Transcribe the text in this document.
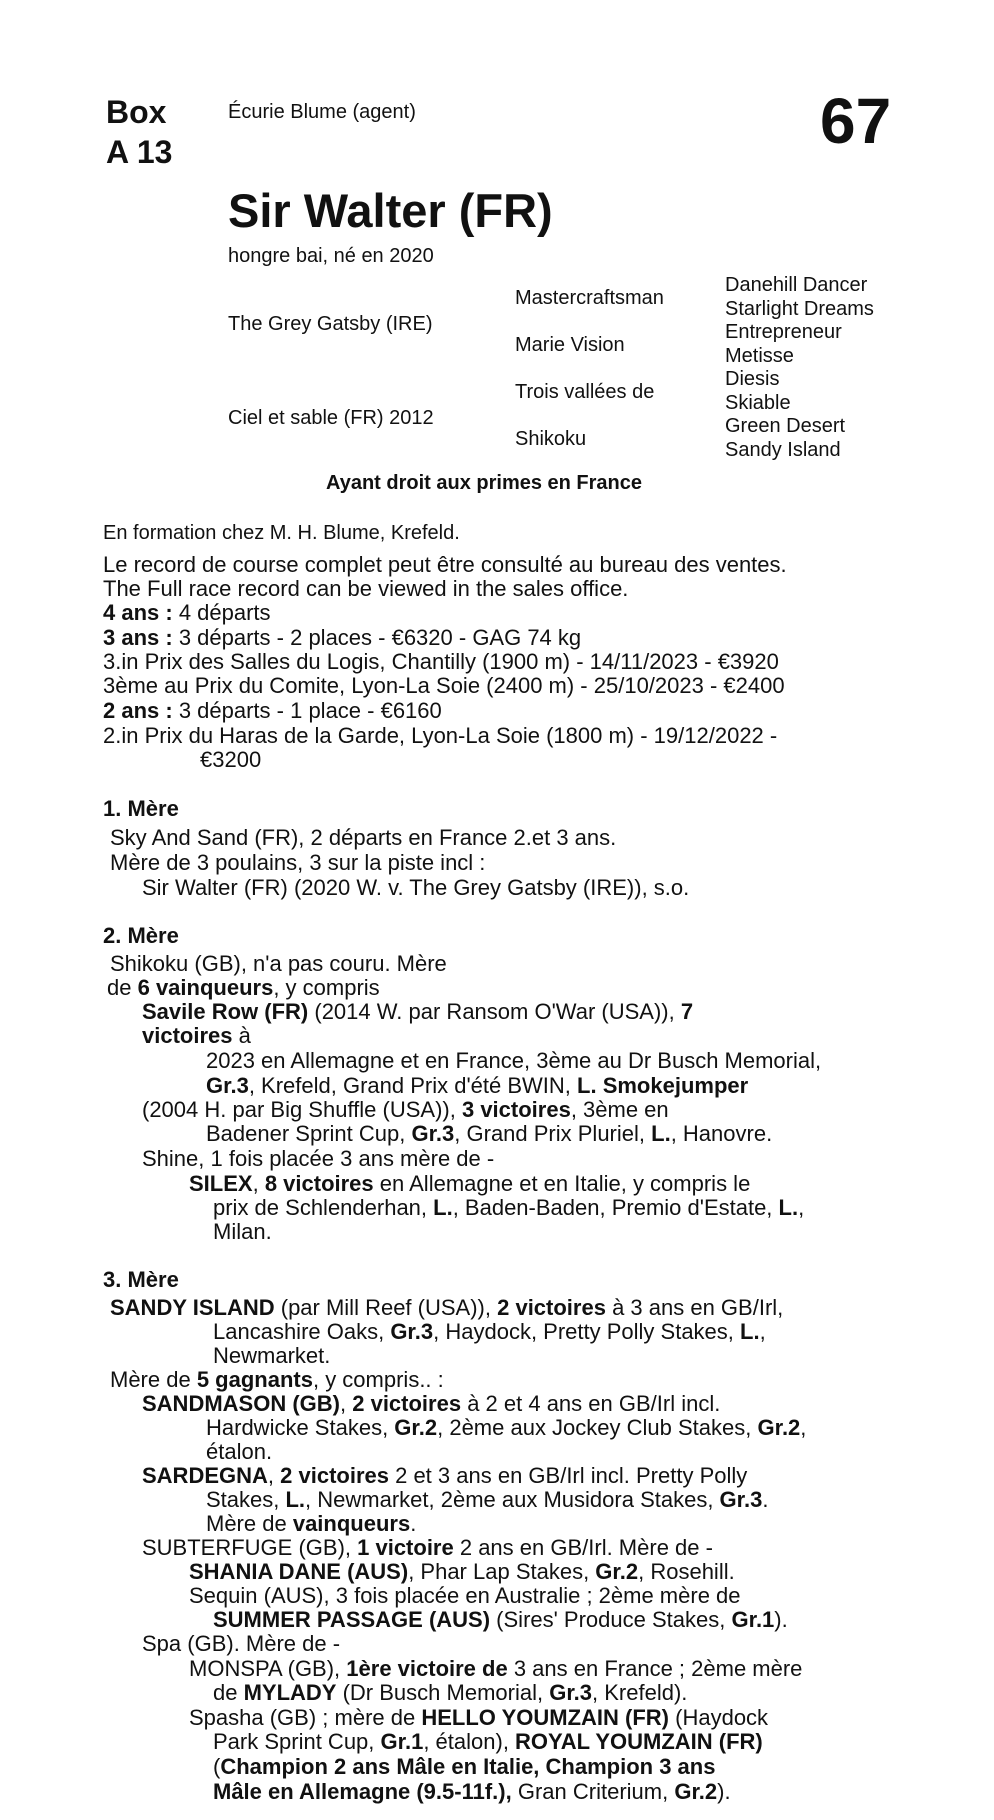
Box
A 13
Écurie Blume (agent)	67
Sir Walter (FR)
hongre bai, né en 2020
The Grey Gatsby (IRE)
Ciel et sable (FR) 2012
Mastercraftsman
Marie Vision
Trois vallées de
Shikoku
Danehill Dancer
Starlight Dreams
Entrepreneur
Metisse
Diesis
Skiable
Green Desert
Sandy Island
Ayant droit aux primes en France
En formation chez M. H. Blume, Krefeld.
Le record de course complet peut être consulté au bureau des ventes.
The Full race record can be viewed in the sales office.
4 ans : 4 départs
3 ans : 3 départs - 2 places - €6320 - GAG 74 kg
3.in Prix des Salles du Logis, Chantilly (1900 m) - 14/11/2023 - €3920
3ème au Prix du Comite, Lyon-La Soie (2400 m) - 25/10/2023 - €2400
2 ans : 3 départs - 1 place - €6160
2.in Prix du Haras de la Garde, Lyon-La Soie (1800 m) - 19/12/2022 -
€3200
1. Mère
Sky And Sand (FR), 2 départs en France 2.et 3 ans.
Mère de 3 poulains, 3 sur la piste incl :
Sir Walter (FR) (2020 W. v. The Grey Gatsby (IRE)), s.o.
2. Mère
Shikoku (GB), n'a pas couru. Mère
de 6 vainqueurs, y compris
Savile Row (FR) (2014 W. par Ransom O'War (USA)), 7
victoires à
2023 en Allemagne et en France, 3ème au Dr Busch Memorial,
Gr.3, Krefeld, Grand Prix d'été BWIN, L. Smokejumper
(2004 H. par Big Shuffle (USA)), 3 victoires, 3ème en
Badener Sprint Cup, Gr.3, Grand Prix Pluriel, L., Hanovre.
Shine, 1 fois placée 3 ans mère de -
SILEX, 8 victoires en Allemagne et en Italie, y compris le
prix de Schlenderhan, L., Baden-Baden, Premio d'Estate, L.,
Milan.
3. Mère
SANDY ISLAND (par Mill Reef (USA)), 2 victoires à 3 ans en GB/Irl,
Lancashire Oaks, Gr.3, Haydock, Pretty Polly Stakes, L.,
Newmarket.
Mère de 5 gagnants, y compris.. :
SANDMASON (GB), 2 victoires à 2 et 4 ans en GB/Irl incl.
Hardwicke Stakes, Gr.2, 2ème aux Jockey Club Stakes, Gr.2,
étalon.
SARDEGNA, 2 victoires 2 et 3 ans en GB/Irl incl. Pretty Polly
Stakes, L., Newmarket, 2ème aux Musidora Stakes, Gr.3.
Mère de vainqueurs.
SUBTERFUGE (GB), 1 victoire 2 ans en GB/Irl. Mère de -
SHANIA DANE (AUS), Phar Lap Stakes, Gr.2, Rosehill.
Sequin (AUS), 3 fois placée en Australie ; 2ème mère de
SUMMER PASSAGE (AUS) (Sires' Produce Stakes, Gr.1).
Spa (GB). Mère de -
MONSPA (GB), 1ère victoire de 3 ans en France ; 2ème mère
de MYLADY (Dr Busch Memorial, Gr.3, Krefeld).
Spasha (GB) ; mère de HELLO YOUMZAIN (FR) (Haydock
Park Sprint Cup, Gr.1, étalon), ROYAL YOUMZAIN (FR)
(Champion 2 ans Mâle en Italie, Champion 3 ans
Mâle en Allemagne (9.5-11f.), Gran Criterium, Gr.2).
